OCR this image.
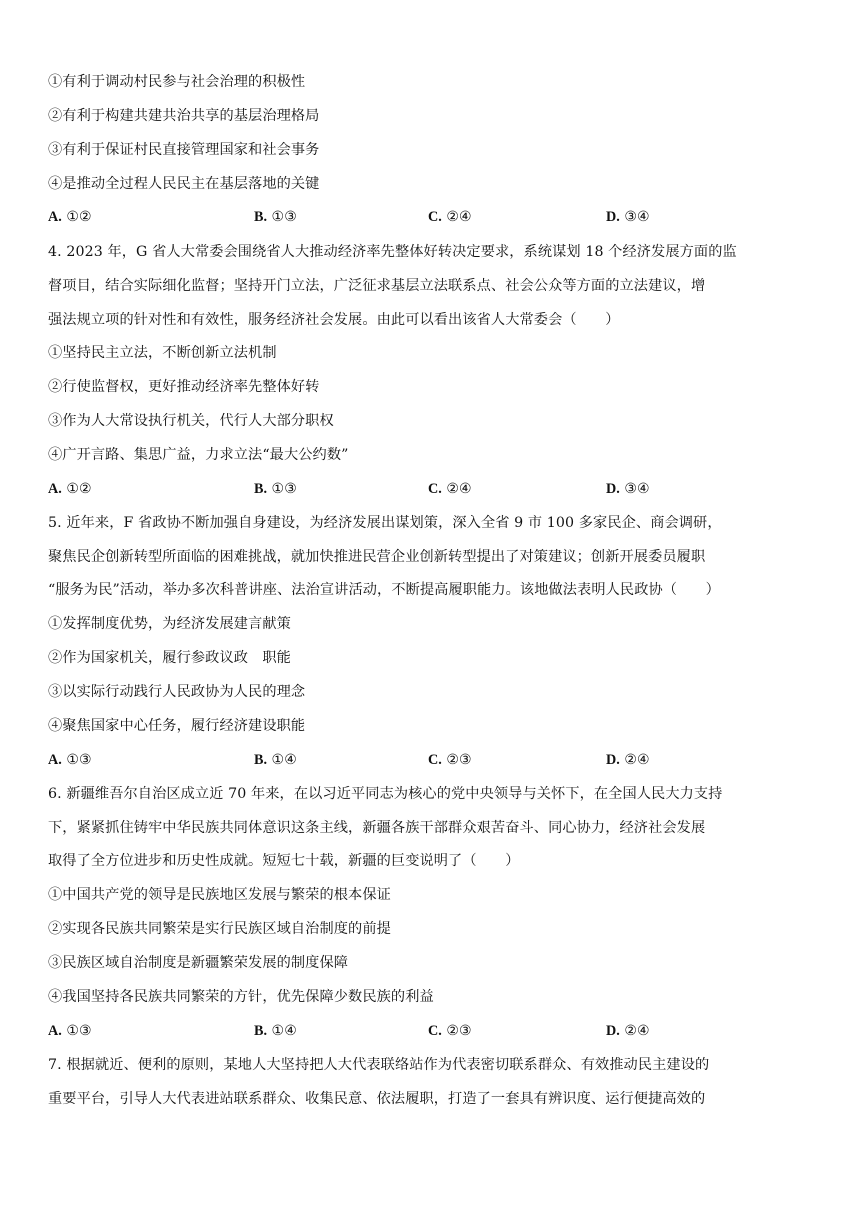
①有利于调动村民参与社会治理的积极性
②有利于构建共建共治共享的基层治理格局
③有利于保证村民直接管理国家和社会事务
④是推动全过程人民民主在基层落地的关键
A. ①②	B. ①③	C. ②④	D. ③④
4. 2023 年，G 省人大常委会围绕省人大推动经济率先整体好转决定要求，系统谋划 18 个经济发展方面的监
督项目，结合实际细化监督；坚持开门立法，广泛征求基层立法联系点、社会公众等方面的立法建议，增
强法规立项的针对性和有效性，服务经济社会发展。由此可以看出该省人大常委会（　　）
①坚持民主立法，不断创新立法机制
②行使监督权，更好推动经济率先整体好转
③作为人大常设执行机关，代行人大部分职权
④广开言路、集思广益，力求立法“最大公约数”
A. ①②	B. ①③	C. ②④	D. ③④
5. 近年来，F 省政协不断加强自身建设，为经济发展出谋划策，深入全省 9 市 100 多家民企、商会调研，
聚焦民企创新转型所面临的困难挑战，就加快推进民营企业创新转型提出了对策建议；创新开展委员履职
“服务为民”活动，举办多次科普讲座、法治宣讲活动，不断提高履职能力。该地做法表明人民政协（　　）
①发挥制度优势，为经济发展建言献策
②作为国家机关，履行参政议政　职能
③以实际行动践行人民政协为人民的理念
④聚焦国家中心任务，履行经济建设职能
A. ①③	B. ①④	C. ②③	D. ②④
6. 新疆维吾尔自治区成立近 70 年来，在以习近平同志为核心的党中央领导与关怀下，在全国人民大力支持
下，紧紧抓住铸牢中华民族共同体意识这条主线，新疆各族干部群众艰苦奋斗、同心协力，经济社会发展
取得了全方位进步和历史性成就。短短七十载，新疆的巨变说明了（　　）
①中国共产党的领导是民族地区发展与繁荣的根本保证
②实现各民族共同繁荣是实行民族区域自治制度的前提
③民族区域自治制度是新疆繁荣发展的制度保障
④我国坚持各民族共同繁荣的方针，优先保障少数民族的利益
A. ①③	B. ①④	C. ②③	D. ②④
7. 根据就近、便利的原则，某地人大坚持把人大代表联络站作为代表密切联系群众、有效推动民主建设的
重要平台，引导人大代表进站联系群众、收集民意、依法履职，打造了一套具有辨识度、运行便捷高效的
